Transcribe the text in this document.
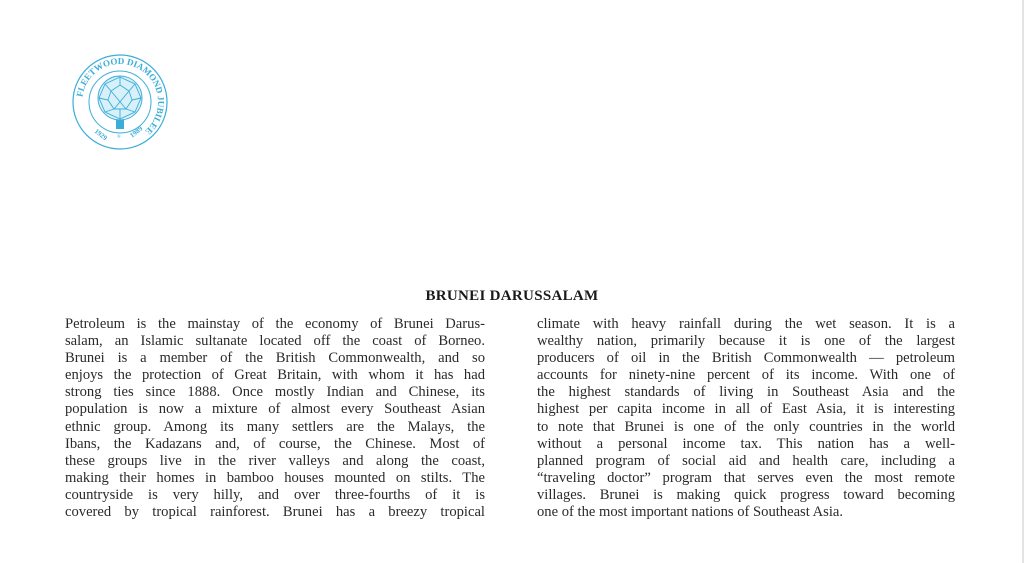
FLEETWOOD DIAMOND JUBILEE
1929	1989
®
BRUNEI DARUSSALAM
Petroleum is the mainstay of the economy of Brunei Darus-
salam, an Islamic sultanate located off the coast of Borneo.
Brunei is a member of the British Commonwealth, and so
enjoys the protection of Great Britain, with whom it has had
strong ties since 1888. Once mostly Indian and Chinese, its
population is now a mixture of almost every Southeast Asian
ethnic group. Among its many settlers are the Malays, the
Ibans, the Kadazans and, of course, the Chinese. Most of
these groups live in the river valleys and along the coast,
making their homes in bamboo houses mounted on stilts. The
countryside is very hilly, and over three-fourths of it is
covered by tropical rainforest. Brunei has a breezy tropical
climate with heavy rainfall during the wet season. It is a
wealthy nation, primarily because it is one of the largest
producers of oil in the British Commonwealth — petroleum
accounts for ninety-nine percent of its income. With one of
the highest standards of living in Southeast Asia and the
highest per capita income in all of East Asia, it is interesting
to note that Brunei is one of the only countries in the world
without a personal income tax. This nation has a well-
planned program of social aid and health care, including a
“traveling doctor” program that serves even the most remote
villages. Brunei is making quick progress toward becoming
one of the most important nations of Southeast Asia.
